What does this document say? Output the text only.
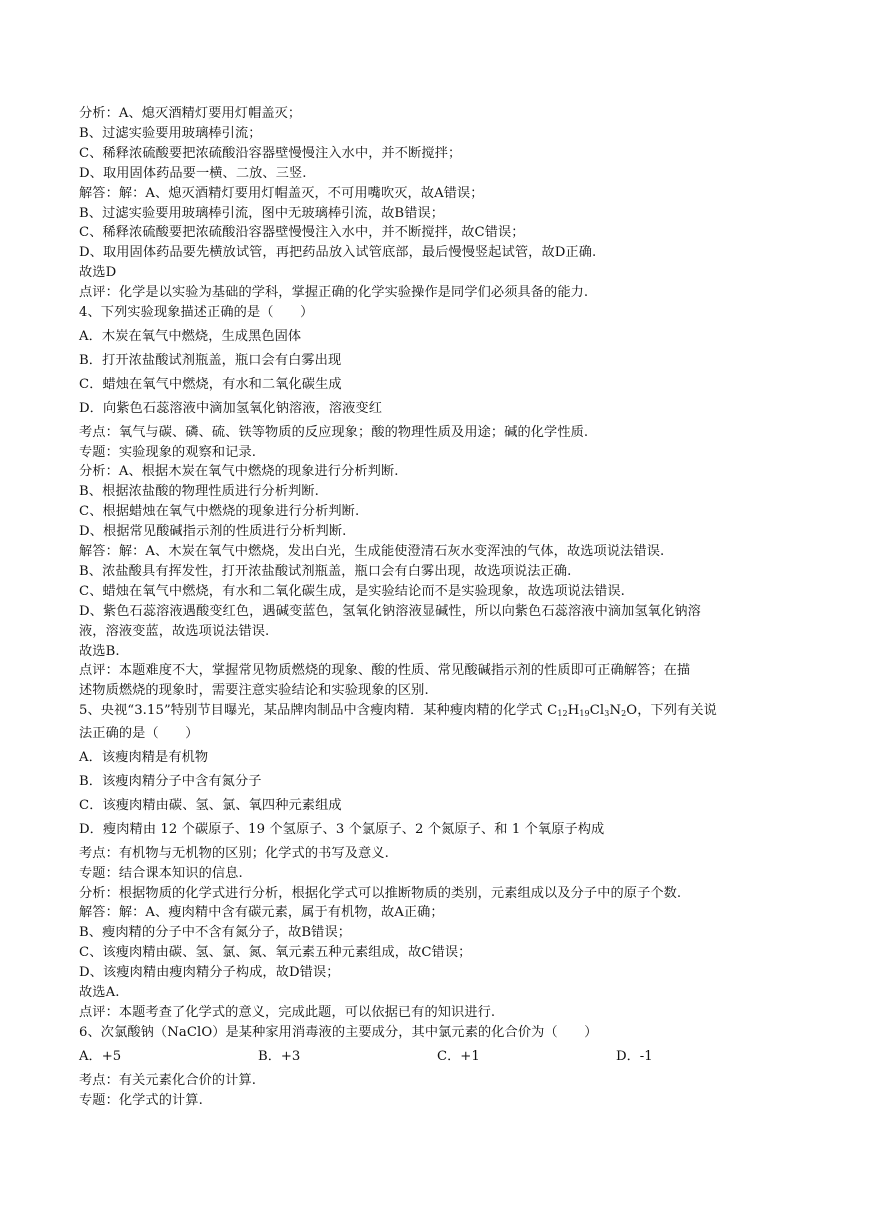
分析：A、熄灭酒精灯要用灯帽盖灭；
B、过滤实验要用玻璃棒引流；
C、稀释浓硫酸要把浓硫酸沿容器壁慢慢注入水中，并不断搅拌；
D、取用固体药品要一横、二放、三竖.
解答：解：A、熄灭酒精灯要用灯帽盖灭，不可用嘴吹灭，故A错误；
B、过滤实验要用玻璃棒引流，图中无玻璃棒引流，故B错误；
C、稀释浓硫酸要把浓硫酸沿容器壁慢慢注入水中，并不断搅拌，故C错误；
D、取用固体药品要先横放试管，再把药品放入试管底部，最后慢慢竖起试管，故D正确.
故选D
点评：化学是以实验为基础的学科，掌握正确的化学实验操作是同学们必须具备的能力.
4、下列实验现象描述正确的是（　　）
A．木炭在氧气中燃烧，生成黑色固体
B．打开浓盐酸试剂瓶盖，瓶口会有白雾出现
C．蜡烛在氧气中燃烧，有水和二氧化碳生成
D．向紫色石蕊溶液中滴加氢氧化钠溶液，溶液变红
考点：氧气与碳、磷、硫、铁等物质的反应现象；酸的物理性质及用途；碱的化学性质.
专题：实验现象的观察和记录.
分析：A、根据木炭在氧气中燃烧的现象进行分析判断.
B、根据浓盐酸的物理性质进行分析判断.
C、根据蜡烛在氧气中燃烧的现象进行分析判断.
D、根据常见酸碱指示剂的性质进行分析判断.
解答：解：A、木炭在氧气中燃烧，发出白光，生成能使澄清石灰水变浑浊的气体，故选项说法错误.
B、浓盐酸具有挥发性，打开浓盐酸试剂瓶盖，瓶口会有白雾出现，故选项说法正确.
C、蜡烛在氧气中燃烧，有水和二氧化碳生成，是实验结论而不是实验现象，故选项说法错误.
D、紫色石蕊溶液遇酸变红色，遇碱变蓝色，氢氧化钠溶液显碱性，所以向紫色石蕊溶液中滴加氢氧化钠溶
液，溶液变蓝，故选项说法错误.
故选B.
点评：本题难度不大，掌握常见物质燃烧的现象、酸的性质、常见酸碱指示剂的性质即可正确解答；在描
述物质燃烧的现象时，需要注意实验结论和实验现象的区别.
5、央视“3.15”特别节目曝光，某品牌肉制品中含瘦肉精．某种瘦肉精的化学式 $C_{12}H_{19}Cl_3N_2O$，下列有关说
法正确的是（　　）
A．该瘦肉精是有机物
B．该瘦肉精分子中含有氮分子
C．该瘦肉精由碳、氢、氯、氧四种元素组成
D．瘦肉精由 12 个碳原子、19 个氢原子、3 个氯原子、2 个氮原子、和 1 个氧原子构成
考点：有机物与无机物的区别；化学式的书写及意义.
专题：结合课本知识的信息.
分析：根据物质的化学式进行分析，根据化学式可以推断物质的类别，元素组成以及分子中的原子个数.
解答：解：A、瘦肉精中含有碳元素，属于有机物，故A正确；
B、瘦肉精的分子中不含有氮分子，故B错误；
C、该瘦肉精由碳、氢、氯、氮、氧元素五种元素组成，故C错误；
D、该瘦肉精由瘦肉精分子构成，故D错误；
故选A.
点评：本题考查了化学式的意义，完成此题，可以依据已有的知识进行.
6、次氯酸钠（NaClO）是某种家用消毒液的主要成分，其中氯元素的化合价为（　　）
A．+5	B．+3	C．+1	D．-1
考点：有关元素化合价的计算.
专题：化学式的计算.
